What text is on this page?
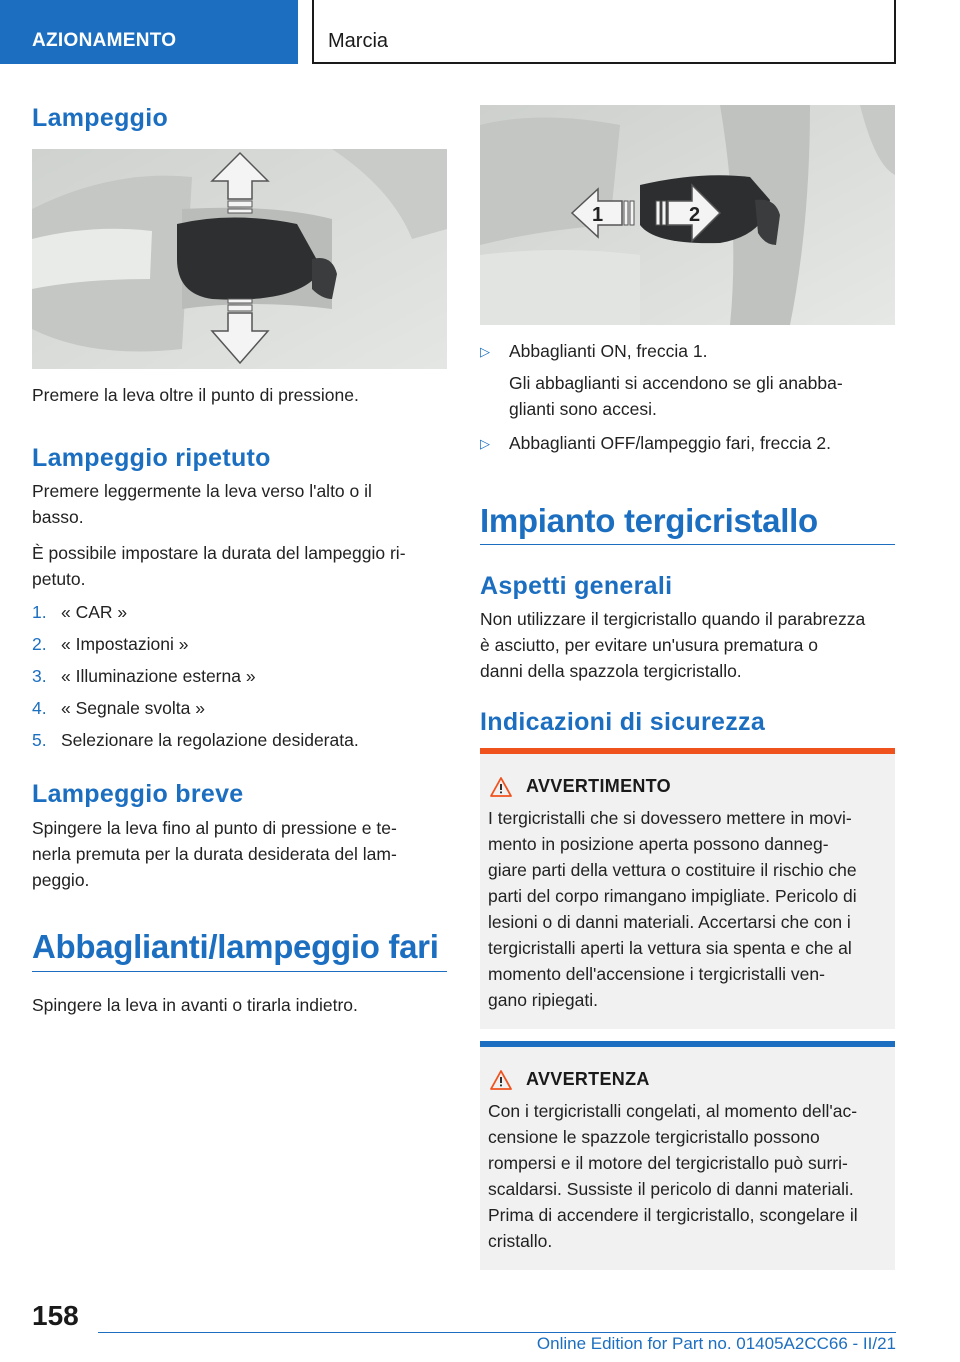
AZIONAMENTO	Marcia
Lampeggio
Premere la leva oltre il punto di pressione.
Lampeggio ripetuto
Premere leggermente la leva verso l'alto o il
basso.
È possibile impostare la durata del lampeggio ri-
petuto.
1. « CAR »
2. « Impostazioni »
3. « Illuminazione esterna »
4. « Segnale svolta »
5. Selezionare la regolazione desiderata.
Lampeggio breve
Spingere la leva fino al punto di pressione e te-
nerla premuta per la durata desiderata del lam-
peggio.
Abbaglianti/lampeggio fari
Spingere la leva in avanti o tirarla indietro.
1	2
▷	Abbaglianti ON, freccia 1.
Gli abbaglianti si accendono se gli anabba-
glianti sono accesi.
▷	Abbaglianti OFF/lampeggio fari, freccia 2.
Impianto tergicristallo
Aspetti generali
Non utilizzare il tergicristallo quando il parabrezza
è asciutto, per evitare un'usura prematura o
danni della spazzola tergicristallo.
Indicazioni di sicurezza
AVVERTIMENTO
I tergicristalli che si dovessero mettere in movi-
mento in posizione aperta possono danneg-
giare parti della vettura o costituire il rischio che
parti del corpo rimangano impigliate. Pericolo di
lesioni o di danni materiali. Accertarsi che con i
tergicristalli aperti la vettura sia spenta e che al
momento dell'accensione i tergicristalli ven-
gano ripiegati.
AVVERTENZA
Con i tergicristalli congelati, al momento dell'ac-
censione le spazzole tergicristallo possono
rompersi e il motore del tergicristallo può surri-
scaldarsi. Sussiste il pericolo di danni materiali.
Prima di accendere il tergicristallo, scongelare il
cristallo.
158
Online Edition for Part no. 01405A2CC66 - II/21
